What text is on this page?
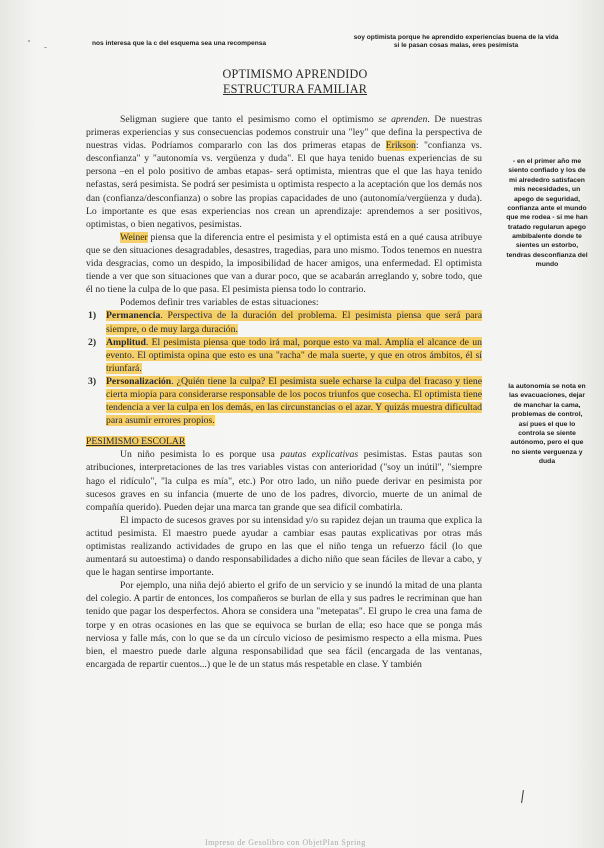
nos interesa que la c del esquema sea una recompensa
soy optimista porque he aprendido experiencias buena de la vida
si le pasan cosas malas, eres pesimista
OPTIMISMO APRENDIDO
ESTRUCTURA FAMILIAR
- en el primer año me siento confiado y los de mi alrededro satisfacen mis necesidades, un apego de seguridad, confianza ante el mundo que me rodea - si me han tratado regularun apego ambibalente donde te sientes un estorbo, tendras desconfianza del mundo
la autonomía se nota en las evacuaciones, dejar de manchar la cama, problemas de control, así pues el que lo controla se siente autónomo, pero el que no siente verguenza y duda

Seligman sugiere que tanto el pesimismo como el optimismo se aprenden. De nuestras primeras experiencias y sus consecuencias podemos construir una "ley" que defina la perspectiva de nuestras vidas. Podríamos compararlo con las dos primeras etapas de Erikson: "confianza vs. desconfianza" y "autonomía vs. vergüenza y duda". El que haya tenido buenas experiencias de su persona –en el polo positivo de ambas etapas- será optimista, mientras que el que las haya tenido nefastas, será pesimista. Se podrá ser pesimista u optimista respecto a la aceptación que los demás nos dan (confianza/desconfianza) o sobre las propias capacidades de uno (autonomía/vergüenza y duda). Lo importante es que esas experiencias nos crean un aprendizaje: aprendemos a ser positivos, optimistas, o bien negativos, pesimistas.

Weiner piensa que la diferencia entre el pesimista y el optimista está en a qué causa atribuye que se den situaciones desagradables, desastres, tragedias, para uno mismo. Todos tenemos en nuestra vida desgracias, como un despido, la imposibilidad de hacer amigos, una enfermedad. El optimista tiende a ver que son situaciones que van a durar poco, que se acabarán arreglando y, sobre todo, que él no tiene la culpa de lo que pasa. El pesimista piensa todo lo contrario.

Podemos definir tres variables de estas situaciones:

1) Permanencia. Perspectiva de la duración del problema. El pesimista piensa que será para siempre, o de muy larga duración.
2) Amplitud. El pesimista piensa que todo irá mal, porque esto va mal. Amplía el alcance de un evento. El optimista opina que esto es una "racha" de mala suerte, y que en otros ámbitos, él sí triunfará.
3) Personalización. ¿Quién tiene la culpa? El pesimista suele echarse la culpa del fracaso y tiene cierta miopía para considerarse responsable de los pocos triunfos que cosecha. El optimista tiene tendencia a ver la culpa en los demás, en las circunstancias o el azar. Y quizás muestra dificultad para asumir errores propios.

PESIMISMO ESCOLAR

Un niño pesimista lo es porque usa pautas explicativas pesimistas. Estas pautas son atribuciones, interpretaciones de las tres variables vistas con anterioridad ("soy un inútil", "siempre hago el ridículo", "la culpa es mía", etc.) Por otro lado, un niño puede derivar en pesimista por sucesos graves en su infancia (muerte de uno de los padres, divorcio, muerte de un animal de compañía querido). Pueden dejar una marca tan grande que sea difícil combatirla.

El impacto de sucesos graves por su intensidad y/o su rapidez dejan un trauma que explica la actitud pesimista. El maestro puede ayudar a cambiar esas pautas explicativas por otras más optimistas realizando actividades de grupo en las que el niño tenga un refuerzo fácil (lo que aumentará su autoestima) o dando responsabilidades a dicho niño que sean fáciles de llevar a cabo, y que le hagan sentirse importante.

Por ejemplo, una niña dejó abierto el grifo de un servicio y se inundó la mitad de una planta del colegio. A partir de entonces, los compañeros se burlan de ella y sus padres le recriminan que han tenido que pagar los desperfectos. Ahora se considera una "metepatas". El grupo le crea una fama de torpe y en otras ocasiones en las que se equivoca se burlan de ella; eso hace que se ponga más nerviosa y falle más, con lo que se da un círculo vicioso de pesimismo respecto a ella misma. Pues bien, el maestro puede darle alguna responsabilidad que sea fácil (encargada de las ventanas, encargada de repartir cuentos...) que le de un status más respetable en clase. Y también

Impreso de Gesolibro con ObjetPlan Spring
